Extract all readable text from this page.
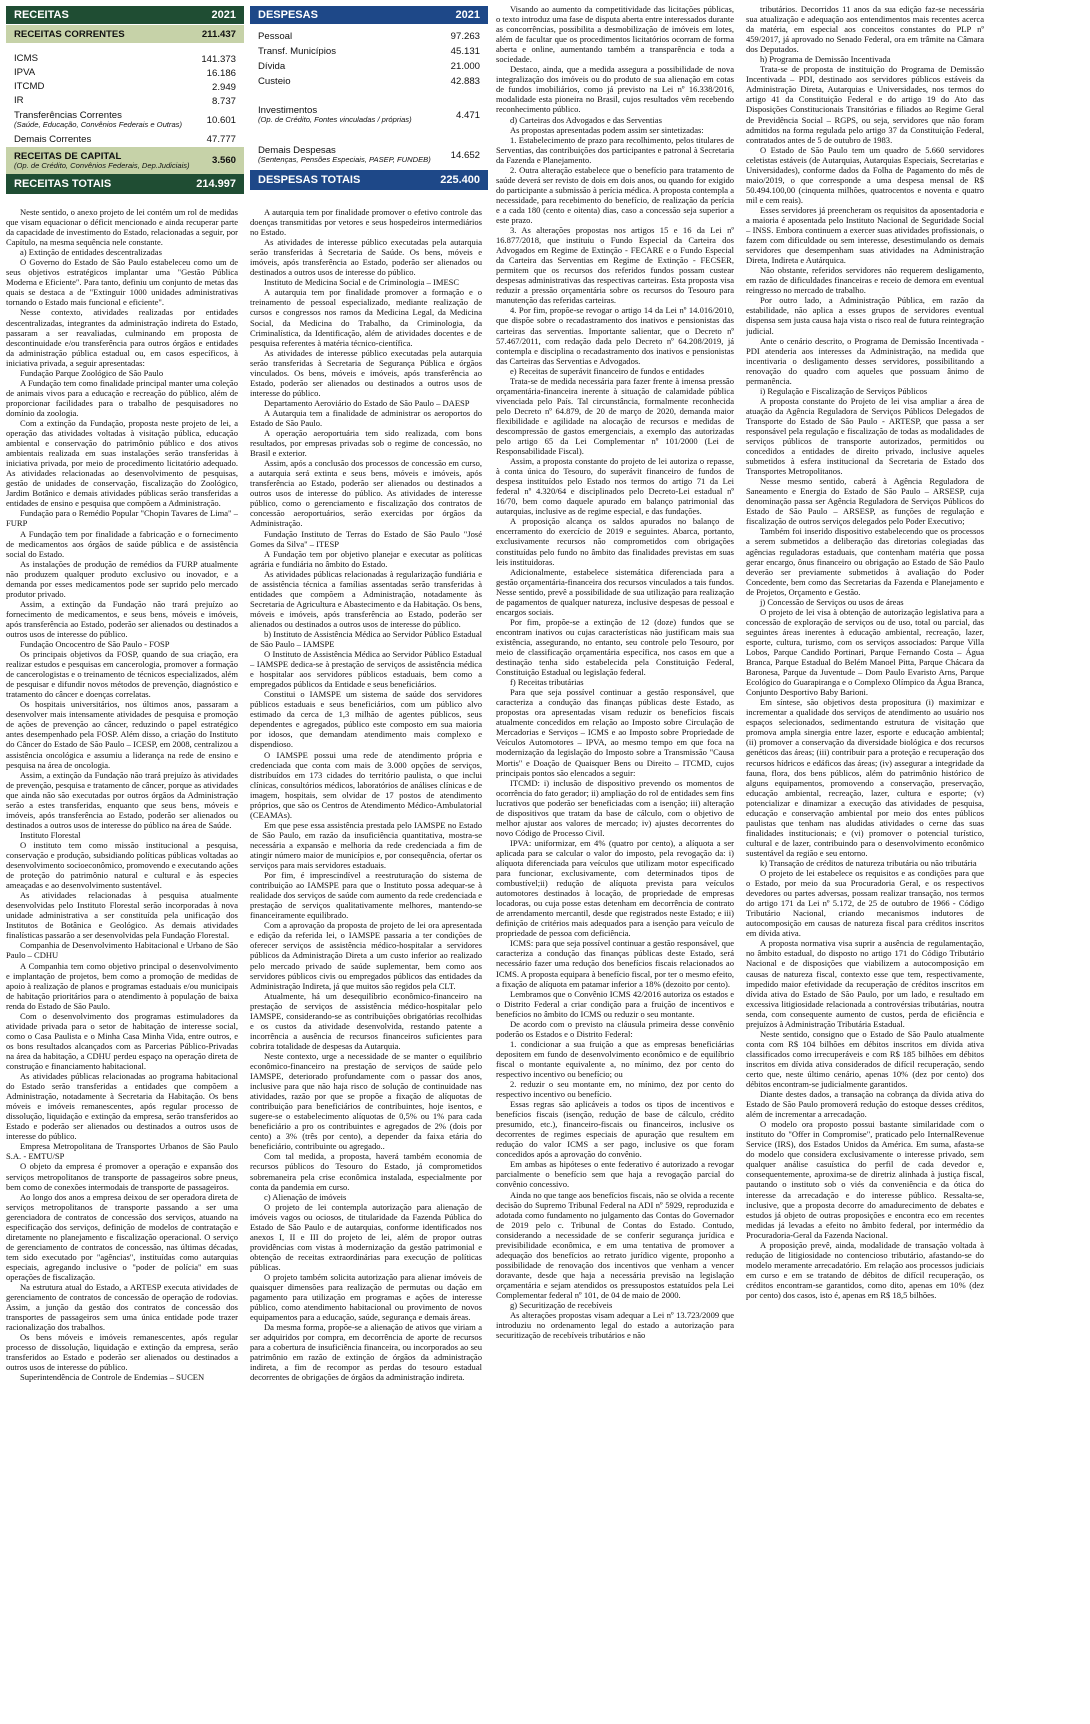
RECEITAS	2021
RECEITAS CORRENTES	211.437
ICMS	141.373
IPVA	16.186
ITCMD	2.949
IR	8.737
Transferências Correntes
(Saúde, Educação, Convênios Federais e Outras)	10.601
Demais Correntes	47.777
RECEITAS DE CAPITAL
(Op. de Crédito, Convênios Federais, Dep.Judiciais) 3.560
RECEITAS TOTAIS	214.997
DESPESAS	2021
Pessoal	97.263
Transf. Municípios	45.131
Dívida	21.000
Custeio	42.883
Investimentos
(Op. de Crédito, Fontes vinculadas / próprias)	4.471
Demais Despesas
(Sentenças, Pensões Especiais, PASEP, FUNDEB) 14.652
DESPESAS TOTAIS	225.400

Neste sentido, o anexo projeto de lei contém um rol de medidas que visam equacionar o déficit mencionado e ainda recuperar parte da capacidade de investimento do Estado, relacionadas a seguir, por Capítulo, na mesma sequência nele constante.

a) Extinção de entidades descentralizadas

O Governo do Estado de São Paulo estabeleceu como um de seus objetivos estratégicos implantar uma "Gestão Pública Moderna e Eficiente". Para tanto, definiu um conjunto de metas das quais se destaca a de "Extinguir 1000 unidades administrativas tornando o Estado mais funcional e eficiente".

Nesse contexto, atividades realizadas por entidades descentralizadas, integrantes da administração indireta do Estado, passaram a ser reavaliadas, culminando em proposta de descontinuidade e/ou transferência para outros órgãos e entidades da administração pública estadual ou, em casos específicos, à iniciativa privada, a seguir apresentadas:

Fundação Parque Zoológico de São Paulo

A Fundação tem como finalidade principal manter uma coleção de animais vivos para a educação e recreação do público, além de proporcionar facilidades para o trabalho de pesquisadores no domínio da zoologia.

Com a extinção da Fundação, proposta neste projeto de lei, a operação das atividades voltadas à visitação pública, educação ambiental e conservação do patrimônio público e dos ativos ambientais realizada em suas instalações serão transferidas à iniciativa privada, por meio de procedimento licitatório adequado. As atividades relacionadas ao desenvolvimento de pesquisas, gestão de unidades de conservação, fiscalização do Zoológico, Jardim Botânico e demais atividades públicas serão transferidas a entidades de ensino e pesquisa que compõem a Administração.

Fundação para o Remédio Popular "Chopin Tavares de Lima" – FURP

A Fundação tem por finalidade a fabricação e o fornecimento de medicamentos aos órgãos de saúde pública e de assistência social do Estado.

As instalações de produção de remédios da FURP atualmente não produzem qualquer produto exclusivo ou inovador, e a demanda por esses medicamentos pode ser suprido pelo mercado produtor privado.

Assim, a extinção da Fundação não trará prejuízo ao fornecimento de medicamentos, e seus bens, móveis e imóveis, após transferência ao Estado, poderão ser alienados ou destinados a outros usos de interesse do público.

Fundação Oncocentro de São Paulo - FOSP

Os principais objetivos da FOSP, quando de sua criação, era realizar estudos e pesquisas em cancerologia, promover a formação de cancerologistas e o treinamento de técnicos especializados, além de pesquisar e difundir novos métodos de prevenção, diagnóstico e tratamento do câncer e doenças correlatas.

Os hospitais universitários, nos últimos anos, passaram a desenvolver mais intensamente atividades de pesquisa e promoção de ações de prevenção ao câncer, reduzindo o papel estratégico antes desempenhado pela FOSP. Além disso, a criação do Instituto do Câncer do Estado de São Paulo – ICESP, em 2008, centralizou a assistência oncológica e assumiu a liderança na rede de ensino e pesquisa na área de oncologia.

Assim, a extinção da Fundação não trará prejuízo às atividades de prevenção, pesquisa e tratamento de câncer, porque as atividades que ainda não são executadas por outros órgãos da Administração serão a estes transferidas, enquanto que seus bens, móveis e imóveis, após transferência ao Estado, poderão ser alienados ou destinados a outros usos de interesse do público na área de Saúde.

Instituto Florestal

O instituto tem como missão institucional a pesquisa, conservação e produção, subsidiando políticas públicas voltadas ao desenvolvimento socioeconômico, promovendo e executando ações de proteção do patrimônio natural e cultural e às especies ameaçadas e ao desenvolvimento sustentável.

As atividades relacionadas à pesquisa atualmente desenvolvidas pelo Instituto Florestal serão incorporadas à nova unidade administrativa a ser constituída pela unificação dos Institutos de Botânica e Geológico. As demais atividades finalísticas passarão a ser desenvolvidas pela Fundação Florestal.

Companhia de Desenvolvimento Habitacional e Urbano de São Paulo – CDHU

A Companhia tem como objetivo principal o desenvolvimento e implantação de projetos, bem como a promoção de medidas de apoio à realização de planos e programas estaduais e/ou municipais de habitação prioritários para o atendimento à população de baixa renda do Estado de São Paulo.

Com o desenvolvimento dos programas estimuladores da atividade privada para o setor de habitação de interesse social, como o Casa Paulista e o Minha Casa Minha Vida, entre outros, e os bons resultados alcançados com as Parcerias Público-Privadas na área da habitação, a CDHU perdeu espaço na operação direta de construção e financiamento habitacional.

As atividades públicas relacionadas ao programa habitacional do Estado serão transferidas a entidades que compõem a Administração, notadamente à Secretaria da Habitação. Os bens móveis e imóveis remanescentes, após regular processo de dissolução, liquidação e extinção da empresa, serão transferidos ao Estado e poderão ser alienados ou destinados a outros usos de interesse do público.

Empresa Metropolitana de Transportes Urbanos de São Paulo S.A. - EMTU/SP

O objeto da empresa é promover a operação e expansão dos serviços metropolitanos de transporte de passageiros sobre pneus, bem como de conexões intermodais de transporte de passageiros.

Ao longo dos anos a empresa deixou de ser operadora direta de serviços metropolitanos de transporte passando a ser uma gerenciadora de contratos de concessão dos serviços, atuando na especificação dos serviços, definição de modelos de contratação e diretamente no planejamento e fiscalização operacional. O serviço de gerenciamento de contratos de concessão, nas últimas décadas, tem sido executado por "agências", instituídas como autarquias especiais, agregando inclusive o "poder de polícia" em suas operações de fiscalização.

Na estrutura atual do Estado, a ARTESP executa atividades de gerenciamento de contratos de concessão de operação de rodovias. Assim, a junção da gestão dos contratos de concessão dos transportes de passageiros sem uma única entidade pode trazer racionalização dos trabalhos.

Os bens móveis e imóveis remanescentes, após regular processo de dissolução, liquidação e extinção da empresa, serão transferidos ao Estado e poderão ser alienados ou destinados a outros usos de interesse do público.

Superintendência de Controle de Endemias – SUCEN

A autarquia tem por finalidade promover o efetivo controle das doenças transmitidas por vetores e seus hospedeiros intermediários no Estado.

As atividades de interesse público executadas pela autarquia serão transferidas à Secretaria de Saúde. Os bens, móveis e imóveis, após transferência ao Estado, poderão ser alienados ou destinados a outros usos de interesse do público.

Instituto de Medicina Social e de Criminologia – IMESC

A autarquia tem por finalidade promover a formação e o treinamento de pessoal especializado, mediante realização de cursos e congressos nos ramos da Medicina Legal, da Medicina Social, da Medicina do Trabalho, da Criminologia, da Criminalística, da Identificação, além de atividades docentes e de pesquisa referentes à matéria técnico-científica.

As atividades de interesse público executadas pela autarquia serão transferidas à Secretaria de Segurança Pública e órgãos vinculados. Os bens, móveis e imóveis, após transferência ao Estado, poderão ser alienados ou destinados a outros usos de interesse do público.

Departamento Aeroviário do Estado de São Paulo – DAESP

A Autarquia tem a finalidade de administrar os aeroportos do Estado de São Paulo.

A operação aeroportuária tem sido realizada, com bons resultados, por empresas privadas sob o regime de concessão, no Brasil e exterior.

Assim, após a conclusão dos processos de concessão em curso, a autarquia será extinta e seus bens, móveis e imóveis, após transferência ao Estado, poderão ser alienados ou destinados a outros usos de interesse do público. As atividades de interesse público, como o gerenciamento e fiscalização dos contratos de concessão aeroportuários, serão exercidas por órgãos da Administração.

Fundação Instituto de Terras do Estado de São Paulo "José Gomes da Silva" – ITESP

A Fundação tem por objetivo planejar e executar as políticas agrária e fundiária no âmbito do Estado.

As atividades públicas relacionadas à regularização fundiária e de assistência técnica a famílias assentadas serão transferidas à entidades que compõem a Administração, notadamente às Secretaria de Agricultura e Abastecimento e da Habitação. Os bens, móveis e imóveis, após transferência ao Estado, poderão ser alienados ou destinados a outros usos de interesse do público.

b) Instituto de Assistência Médica ao Servidor Público Estadual de São Paulo – IAMSPE

O Instituto de Assistência Médica ao Servidor Público Estadual – IAMSPE dedica-se à prestação de serviços de assistência médica e hospitalar aos servidores públicos estaduais, bem como a empregados públicos da Entidade e seus beneficiários.

Constitui o IAMSPE um sistema de saúde dos servidores públicos estaduais e seus beneficiários, com um público alvo estimado da cerca de 1,3 milhão de agentes públicos, seus dependentes e agregados, público este composto em sua maioria por idosos, que demandam atendimento mais complexo e dispendioso.

O IAMSPE possui uma rede de atendimento própria e credenciada que conta com mais de 3.000 opções de serviços, distribuídos em 173 cidades do território paulista, o que inclui clínicas, consultórios médicos, laboratórios de análises clínicas e de imagem, hospitais, sem olvidar de 17 postos de atendimento próprios, que são os Centros de Atendimento Médico-Ambulatorial (CEAMAs).

Em que pese essa assistência prestada pelo IAMSPE no Estado de São Paulo, em razão da insuficiência quantitativa, mostra-se necessária a expansão e melhoria da rede credenciada a fim de atingir número maior de municípios e, por consequência, ofertar os serviços para mais servidores estaduais.

Por fim, é imprescindível a reestruturação do sistema de contribuição ao IAMSPE para que o Instituto possa adequar-se à realidade dos serviços de saúde com aumento da rede credenciada e prestação de serviços qualitativamente melhores, mantendo-se financeiramente equilibrado.

Com a aprovação da proposta de projeto de lei ora apresentada e edição da referida lei, o IAMSPE passaria a ter condições de oferecer serviços de assistência médico-hospitalar a servidores públicos da Administração Direta a um custo inferior ao realizado pelo mercado privado de saúde suplementar, bem como aos servidores públicos civis ou empregados públicos das entidades da Administração Indireta, já que muitos são regidos pela CLT.

Atualmente, há um desequilíbrio econômico-financeiro na prestação de serviços de assistência médico-hospitalar pelo IAMSPE, considerando-se as contribuições obrigatórias recolhidas e os custos da atividade desenvolvida, restando patente a incorrência a ausência de recursos financeiros suficientes para cobrira totalidade de despesas da Autarquia.

Neste contexto, urge a necessidade de se manter o equilíbrio econômico-financeiro na prestação de serviços de saúde pelo IAMSPE, deteriorado profundamente com o passar dos anos, inclusive para que não haja risco de solução de continuidade nas atividades, razão por que se propõe a fixação de alíquotas de contribuição para beneficiários de contribuintes, hoje isentos, e sugere-se o estabelecimento alíquotas de 0,5% ou 1% para cada beneficiário a pro os contribuintes e agregados de 2% (dois por cento) a 3% (três por cento), a depender da faixa etária do beneficiário, contribuinte ou agregado..

Com tal medida, a proposta, haverá também economia de recursos públicos do Tesouro do Estado, já comprometidos sobremaneira pela crise econômica instalada, especialmente por conta da pandemia em curso.

c) Alienação de imóveis

O projeto de lei contempla autorização para alienação de imóveis vagos ou ociosos, de titularidade da Fazenda Pública do Estado de São Paulo e de autarquias, conforme identificados nos anexos I, II e III do projeto de lei, além de propor outras providências com vistas à modernização da gestão patrimonial e obtenção de receitas extraordinárias para execução de políticas públicas.

O projeto também solicita autorização para alienar imóveis de quaisquer dimensões para realização de permutas ou dação em pagamento para utilização em programas e ações de interesse público, como atendimento habitacional ou provimento de novos equipamentos para a educação, saúde, segurança e demais áreas.

Da mesma forma, propõe-se a alienação de ativos que viriam a ser adquiridos por compra, em decorrência de aporte de recursos para a cobertura de insuficiência financeira, ou incorporados ao seu patrimônio em razão de extinção de órgãos da administração indireta, a fim de recompor as perdas do tesouro estadual decorrentes de obrigações de órgãos da administração indireta.

Visando ao aumento da competitividade das licitações públicas, o texto introduz uma fase de disputa aberta entre interessados durante as concorrências, possibilita a desmobilização de imóveis em lotes, além de facultar que os procedimentos licitatórios ocorram de forma aberta e online, aumentando também a transparência e toda a sociedade.

Destaco, ainda, que a medida assegura a possibilidade de nova integralização dos imóveis ou do produto de sua alienação em cotas de fundos imobiliários, como já previsto na Lei nº 16.338/2016, modalidade esta pioneira no Brasil, cujos resultados vêm recebendo reconhecimento público.

d) Carteiras dos Advogados e das Serventias

As propostas apresentadas podem assim ser sintetizadas:

1. Estabelecimento de prazo para recolhimento, pelos titulares de Serventias, das contribuições dos participantes e patronal à Secretaria da Fazenda e Planejamento.

2. Outra alteração estabelece que o benefício para tratamento de saúde deverá ser revisto de dois em dois anos, ou quando for exigido do participante a submissão à perícia médica. A proposta contempla a necessidade, para recebimento do benefício, de realização da perícia e a cada 180 (cento e oitenta) dias, caso a concessão seja superior a este prazo.

3. As alterações propostas nos artigos 15 e 16 da Lei nº 16.877/2018, que instituiu o Fundo Especial da Carteira dos Advogados em Regime de Extinção - FECARE e o Fundo Especial da Carteira das Serventias em Regime de Extinção - FECSER, permitem que os recursos dos referidos fundos possam custear despesas administrativas das respectivas carteiras. Esta proposta visa reduzir a pressão orçamentária sobre os recursos do Tesouro para manutenção das referidas carteiras.

4. Por fim, propõe-se revogar o artigo 14 da Lei nº 14.016/2010, que dispõe sobre o recadastramento dos inativos e pensionistas das carteiras das serventias. Importante salientar, que o Decreto nº 57.467/2011, com redação dada pelo Decreto nº 64.208/2019, já contempla e disciplina o recadastramento dos inativos e pensionistas das Carteiras das Serventias e Advogados.

e) Receitas de superávit financeiro de fundos e entidades

Trata-se de medida necessária para fazer frente à imensa pressão orçamentária-financeira inerente à situação de calamidade pública vivenciada pelo País. Tal circunstância, formalmente reconhecida pelo Decreto nº 64.879, de 20 de março de 2020, demanda maior flexibilidade e agilidade na alocação de recursos e medidas de descompressão de gastos emergenciais, a exemplo das autorizadas pelo artigo 65 da Lei Complementar nº 101/2000 (Lei de Responsabilidade Fiscal).

Assim, a proposta constante do projeto de lei autoriza o repasse, à conta única do Tesouro, do superávit financeiro de fundos de despesa instituídos pelo Estado nos termos do artigo 71 da Lei federal nº 4.320/64 e disciplinados pelo Decreto-Lei estadual nº 16/70, bem como daquele apurado em balanço patrimonial das autarquias, inclusive as de regime especial, e das fundações.

A proposição alcança os saldos apurados no balanço de encerramento do exercício de 2019 e seguintes. Abarca, portanto, exclusivamente recursos não comprometidos com obrigações constituídas pelo fundo no âmbito das finalidades previstas em suas leis instituidoras.

Adicionalmente, estabelece sistemática diferenciada para a gestão orçamentária-financeira dos recursos vinculados a tais fundos. Nesse sentido, prevê a possibilidade de sua utilização para realização de pagamentos de qualquer natureza, inclusive despesas de pessoal e encargos sociais.

Por fim, propõe-se a extinção de 12 (doze) fundos que se encontram inativos ou cujas características não justificam mais sua existência, assegurando, no entanto, seu controle pelo Tesouro, por meio de classificação orçamentária específica, nos casos em que a destinação tenha sido estabelecida pela Constituição Federal, Constituição Estadual ou legislação federal.

f) Receitas tributárias

Para que seja possível continuar a gestão responsável, que caracteriza a condução das finanças públicas deste Estado, as propostas ora apresentadas visam reduzir os benefícios fiscais atualmente concedidos em relação ao Imposto sobre Circulação de Mercadorias e Serviços – ICMS e ao Imposto sobre Propriedade de Veículos Automotores – IPVA, ao mesmo tempo em que foca na modernização da legislação do Imposto sobre a Transmissão "Causa Mortis" e Doação de Quaisquer Bens ou Direito – ITCMD, cujos principais pontos são elencados a seguir:

ITCMD: i) inclusão de dispositivo prevendo os momentos de ocorrência do fato gerador; ii) ampliação do rol de entidades sem fins lucrativos que poderão ser beneficiadas com a isenção; iii) alteração de dispositivos que tratam da base de cálculo, com o objetivo de melhor ajustar aos valores de mercado; iv) ajustes decorrentes do novo Código de Processo Civil.

IPVA: uniformizar, em 4% (quatro por cento), a alíquota a ser aplicada para se calcular o valor do imposto, pela revogação da: i) alíquota diferenciada para veículos que utilizam motor especificado para funcionar, exclusivamente, com determinados tipos de combustível;ii) redução de alíquota prevista para veículos automotores destinados à locação, de propriedade de empresas locadoras, ou cuja posse estas detenham em decorrência de contrato de arrendamento mercantil, desde que registrados neste Estado; e iii) definição de critérios mais adequados para a isenção para veículo de propriedade de pessoa com deficiência.

ICMS: para que seja possível continuar a gestão responsável, que caracteriza a condução das finanças públicas deste Estado, será necessário fazer uma redução dos benefícios fiscais relacionados ao ICMS. A proposta equipara à benefício fiscal, por ter o mesmo efeito, a fixação de alíquota em patamar inferior a 18% (dezoito por cento).

Lembramos que o Convênio ICMS 42/2016 autoriza os estados e o Distrito Federal a criar condição para a fruição de incentivos e benefícios no âmbito do ICMS ou reduzir o seu montante.

De acordo com o previsto na cláusula primeira desse convênio poderão os Estados e o Distrito Federal:

1. condicionar a sua fruição a que as empresas beneficiárias depositem em fundo de desenvolvimento econômico e de equilíbrio fiscal o montante equivalente a, no mínimo, dez por cento do respectivo incentivo ou benefício; ou

2. reduzir o seu montante em, no mínimo, dez por cento do respectivo incentivo ou benefício.

Essas regras são aplicáveis a todos os tipos de incentivos e benefícios fiscais (isenção, redução de base de cálculo, crédito presumido, etc.), financeiro-fiscais ou financeiros, inclusive os decorrentes de regimes especiais de apuração que resultem em redução do valor ICMS a ser pago, inclusive os que foram concedidos após a aprovação do convênio.

Em ambas as hipóteses o ente federativo é autorizado a revogar parcialmente o benefício sem que haja a revogação parcial do convênio concessivo.

Ainda no que tange aos benefícios fiscais, não se olvida a recente decisão do Supremo Tribunal Federal na ADI nº 5929, reproduzida e adotada como fundamento no julgamento das Contas do Governador de 2019 pelo c. Tribunal de Contas do Estado. Contudo, considerando a necessidade de se conferir segurança jurídica e previsibilidade econômica, e em uma tentativa de promover a adequação dos benefícios ao retrato jurídico vigente, proponho a possibilidade de renovação dos incentivos que venham a vencer doravante, desde que haja a necessária previsão na legislação orçamentária e sejam atendidos os pressupostos estatuídos pela Lei Complementar federal nº 101, de 04 de maio de 2000.

g) Securitização de recebíveis

As alterações propostas visam adequar a Lei nº 13.723/2009 que introduziu no ordenamento legal do estado a autorização para securitização de recebíveis tributários e não

tributários. Decorridos 11 anos da sua edição faz-se necessária sua atualização e adequação aos entendimentos mais recentes acerca da matéria, em especial aos conceitos constantes do PLP nº 459/2017, já aprovado no Senado Federal, ora em trâmite na Câmara dos Deputados.

h) Programa de Demissão Incentivada

Trata-se de proposta de instituição do Programa de Demissão Incentivada – PDI, destinado aos servidores públicos estáveis da Administração Direta, Autarquias e Universidades, nos termos do artigo 41 da Constituição Federal e do artigo 19 do Ato das Disposições Constitucionais Transitórias e filiados ao Regime Geral de Previdência Social – RGPS, ou seja, servidores que não foram admitidos na forma regulada pelo artigo 37 da Constituição Federal, contratados antes de 5 de outubro de 1983.

O Estado de São Paulo tem um quadro de 5.660 servidores celetistas estáveis (de Autarquias, Autarquias Especiais, Secretarias e Universidades), conforme dados da Folha de Pagamento do mês de maio/2019, o que corresponde a uma despesa mensal de R$ 50.494.100,00 (cinquenta milhões, quatrocentos e noventa e quatro mil e cem reais).

Esses servidores já preencheram os requisitos da aposentadoria e a maioria é aposentada pelo Instituto Nacional de Seguridade Social – INSS. Embora continuem a exercer suas atividades profissionais, o fazem com dificuldade ou sem interesse, desestimulando os demais servidores que desempenham suas atividades na Administração Direta, Indireta e Autárquica.

Não obstante, referidos servidores não requerem desligamento, em razão de dificuldades financeiras e receio de demora em eventual reingresso no mercado de trabalho.

Por outro lado, a Administração Pública, em razão da estabilidade, não aplica a esses grupos de servidores eventual dispensa sem justa causa haja vista o risco real de futura reintegração judicial.

Ante o cenário descrito, o Programa de Demissão Incentivada - PDI atenderia aos interesses da Administração, na medida que incentivaria o desligamento desses servidores, possibilitando a renovação do quadro com aqueles que possuam ânimo de permanência.

i) Regulação e Fiscalização de Serviços Públicos

A proposta constante do Projeto de lei visa ampliar a área de atuação da Agência Reguladora de Serviços Públicos Delegados de Transporte do Estado de São Paulo - ARTESP, que passa a ser responsável pela regulação e fiscalização de todas as modalidades de serviços públicos de transporte autorizados, permitidos ou concedidos a entidades de direito privado, inclusive aqueles submetidos à esfera institucional da Secretaria de Estado dos Transportes Metropolitanos.

Nesse mesmo sentido, caberá à Agência Reguladora de Saneamento e Energia do Estado de São Paulo – ARSESP, cuja denominação passa ser Agência Reguladora de Serviços Públicos do Estado de São Paulo – ARSESP, as funções de regulação e fiscalização de outros serviços delegados pelo Poder Executivo;

Também foi inserido dispositivo estabelecendo que os processos a serem submetidos a deliberação das diretorias colegiadas das agências reguladoras estaduais, que contenham matéria que possa gerar encargo, ônus financeiro ou obrigação ao Estado de São Paulo deverão ser previamente submetidos à avaliação do Poder Concedente, bem como das Secretarias da Fazenda e Planejamento e de Projetos, Orçamento e Gestão.

j) Concessão de Serviços ou usos de áreas

O projeto de lei visa à obtenção de autorização legislativa para a concessão de exploração de serviços ou de uso, total ou parcial, das seguintes áreas inerentes à educação ambiental, recreação, lazer, esporte, cultura, turismo, com os serviços associados: Parque Villa Lobos, Parque Candido Portinari, Parque Fernando Costa – Água Branca, Parque Estadual do Belém Manoel Pitta, Parque Chácara da Baronesa, Parque da Juventude – Dom Paulo Evaristo Arns, Parque Ecológico do Guarapiranga e o Complexo Olímpico da Água Branca, Conjunto Desportivo Baby Barioni.

Em síntese, são objetivos desta propositura (i) maximizar e incrementar a qualidade dos serviços de atendimento ao usuário nos espaços selecionados, sedimentando estrutura de visitação que promova ampla sinergia entre lazer, esporte e educação ambiental; (ii) promover a conservação da diversidade biológica e dos recursos genéticos das áreas; (iii) contribuir para a proteção e recuperação dos recursos hídricos e edáficos das áreas; (iv) assegurar a integridade da fauna, flora, dos bens públicos, além do patrimônio histórico de alguns equipamentos, promovendo a conservação, preservação, educação ambiental, recreação, lazer, cultura e esporte; (v) potencializar e dinamizar a execução das atividades de pesquisa, educação e conservação ambiental por meio dos entes públicos paulistas que tenham nas aludidas atividades o cerne das suas finalidades institucionais; e (vi) promover o potencial turístico, cultural e de lazer, contribuindo para o desenvolvimento econômico sustentável da região e seu entorno.

k) Transação de créditos de natureza tributária ou não tributária

O projeto de lei estabelece os requisitos e as condições para que o Estado, por meio da sua Procuradoria Geral, e os respectivos devedores ou partes adversas, possam realizar transação, nos termos do artigo 171 da Lei nº 5.172, de 25 de outubro de 1966 - Código Tributário Nacional, criando mecanismos indutores de autocomposição em causas de natureza fiscal para créditos inscritos em dívida ativa.

A proposta normativa visa suprir a ausência de regulamentação, no âmbito estadual, do disposto no artigo 171 do Código Tributário Nacional e de disposições que viabilizem a autocomposição em causas de natureza fiscal, contexto esse que tem, respectivamente, impedido maior efetividade da recuperação de créditos inscritos em dívida ativa do Estado de São Paulo, por um lado, e resultado em excessiva litigiosidade relacionada a controvérsias tributárias, noutra senda, com consequente aumento de custos, perda de eficiência e prejuízos à Administração Tributária Estadual.

Neste sentido, consigno que o Estado de São Paulo atualmente conta com R$ 104 bilhões em débitos inscritos em dívida ativa classificados como irrecuperáveis e com R$ 185 bilhões em débitos inscritos em dívida ativa considerados de difícil recuperação, sendo certo que, neste último cenário, apenas 10% (dez por cento) dos débitos encontram-se judicialmente garantidos.

Diante destes dados, a transação na cobrança da dívida ativa do Estado de São Paulo promoverá redução do estoque desses créditos, além de incrementar a arrecadação.

O modelo ora proposto possui bastante similaridade com o instituto do "Offer in Compromise", praticado pelo InternalRevenue Service (IRS), dos Estados Unidos da América. Em suma, afasta-se do modelo que considera exclusivamente o interesse privado, sem qualquer análise casuística do perfil de cada devedor e, consequentemente, aproxima-se de diretriz alinhada à justiça fiscal, pautando o instituto sob o viés da conveniência e da ótica do interesse da arrecadação e do interesse público. Ressalta-se, inclusive, que a proposta decorre do amadurecimento de debates e estudos já objeto de outras proposições e encontra eco em recentes medidas já levadas a efeito no âmbito federal, por intermédio da Procuradoria-Geral da Fazenda Nacional.

A proposição prevê, ainda, modalidade de transação voltada à redução de litigiosidade no contencioso tributário, afastando-se do modelo meramente arrecadatório. Em relação aos processos judiciais em curso e em se tratando de débitos de difícil recuperação, os créditos encontram-se garantidos, como dito, apenas em 10% (dez por cento) dos casos, isto é, apenas em R$ 18,5 bilhões.
